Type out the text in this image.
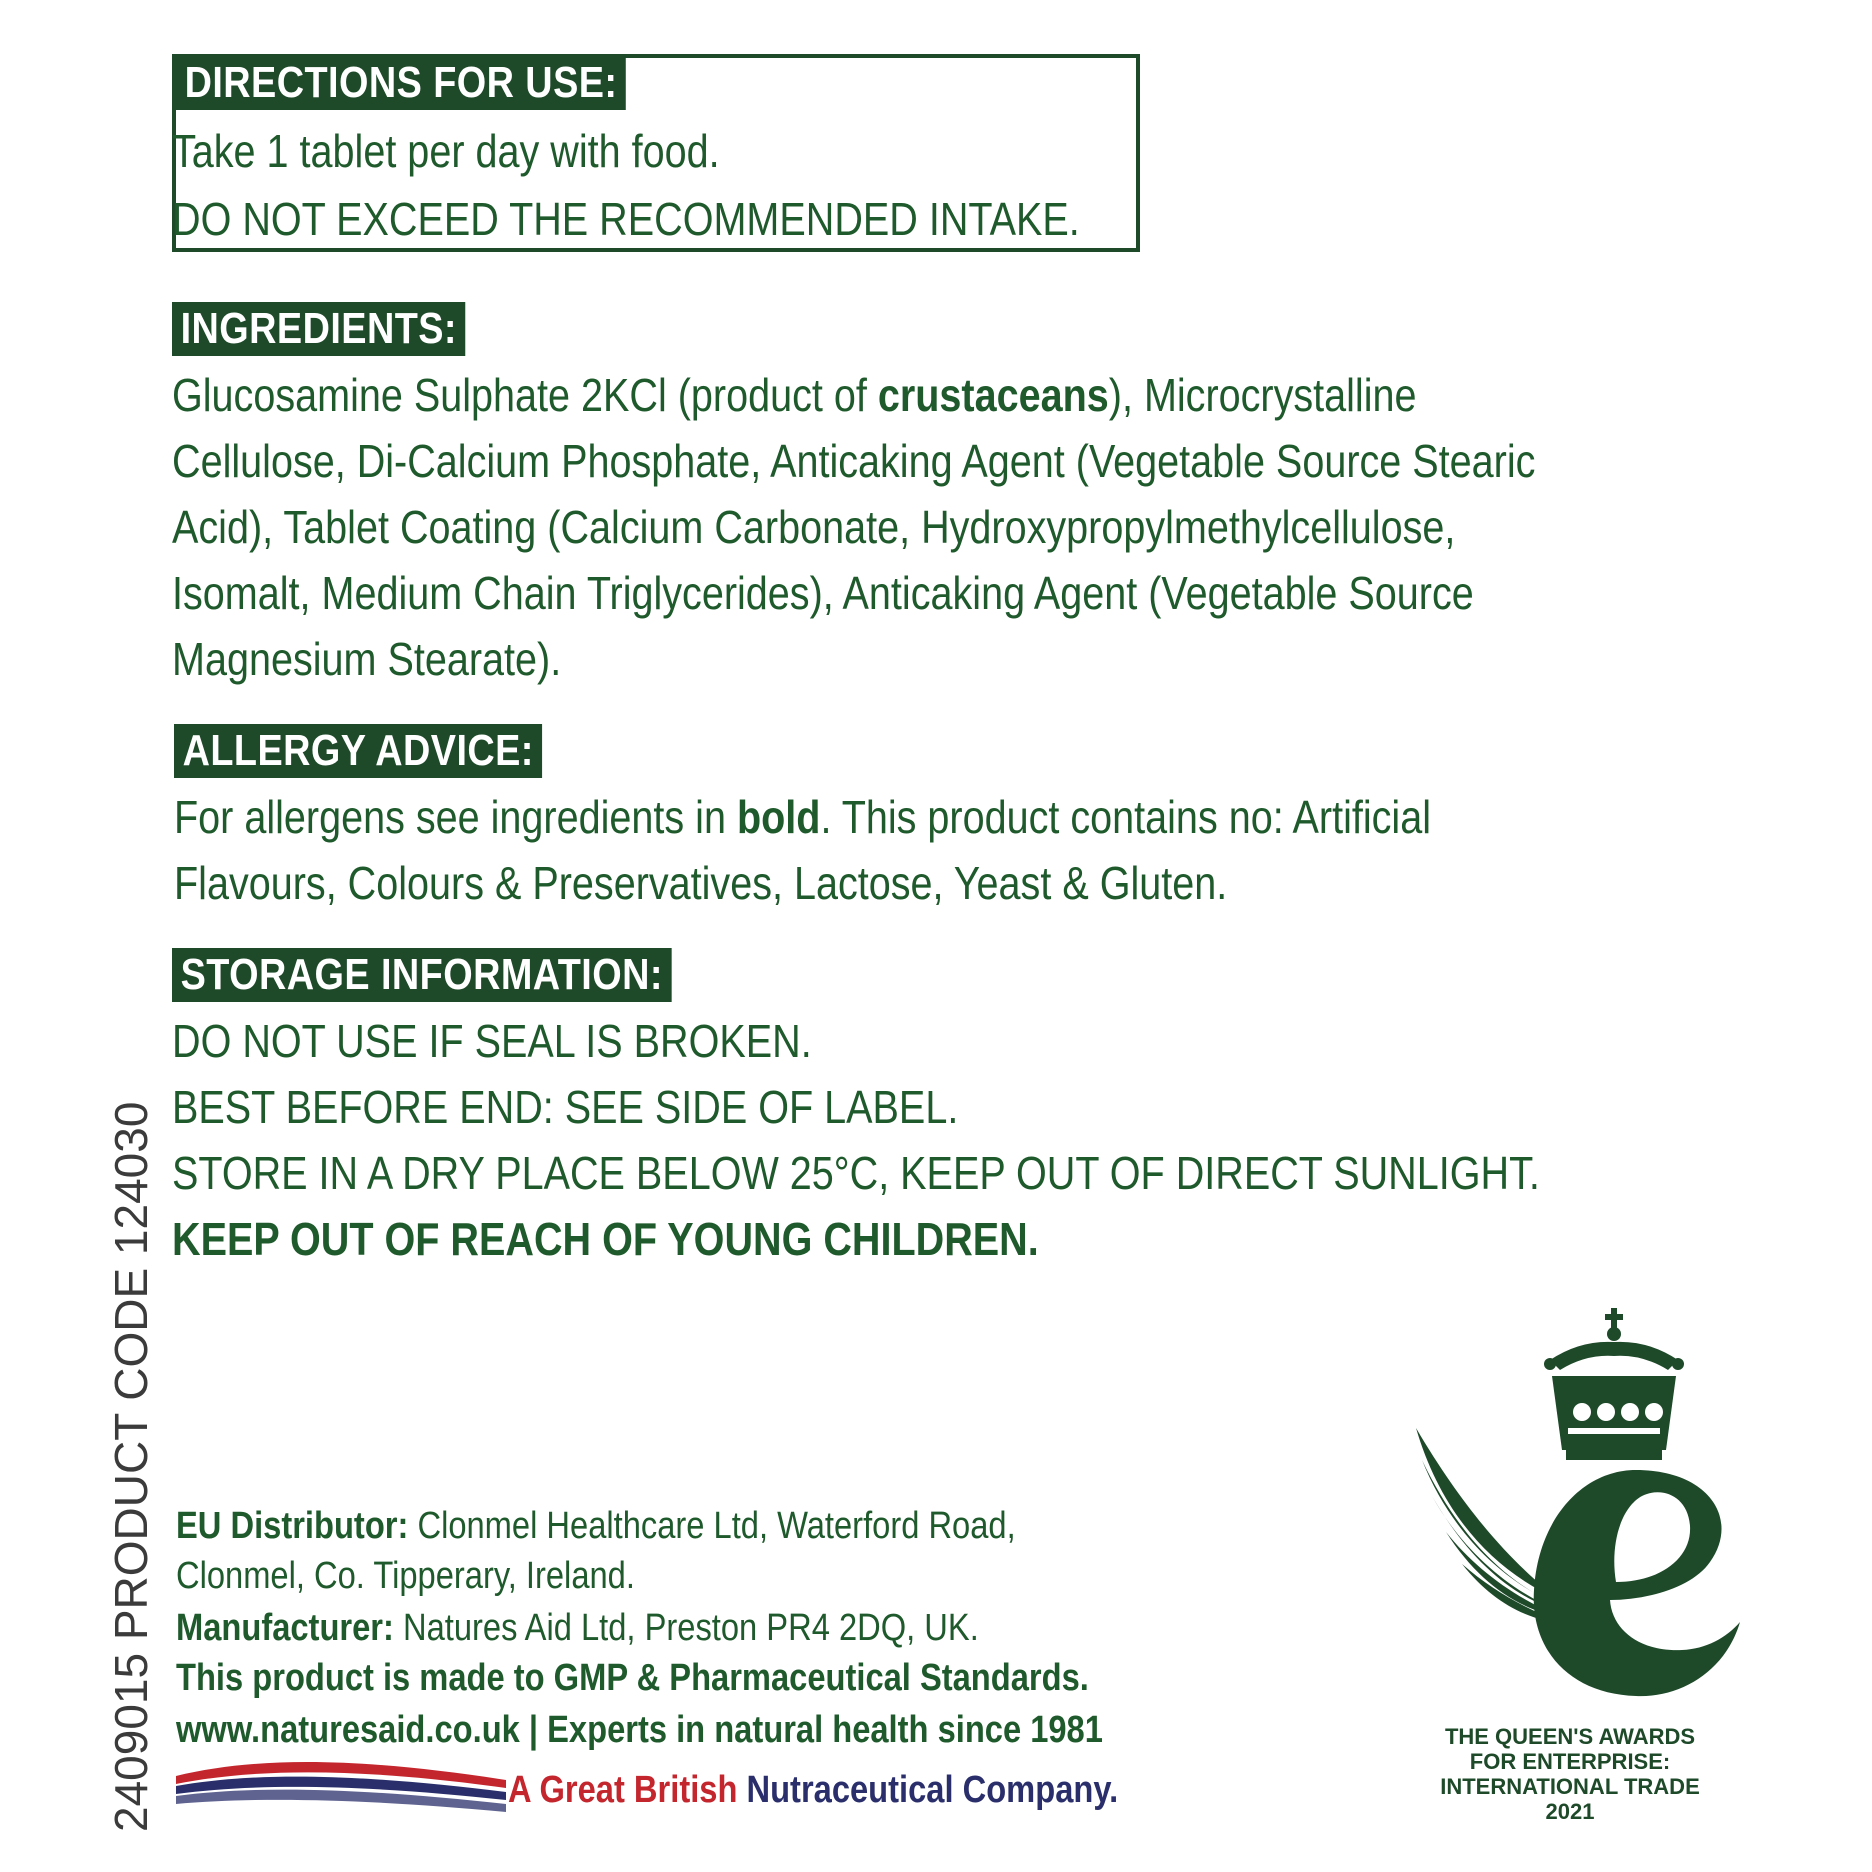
DIRECTIONS FOR USE:
Take 1 tablet per day with food.
DO NOT EXCEED THE RECOMMENDED INTAKE.
INGREDIENTS:
Glucosamine Sulphate 2KCl (product of crustaceans), Microcrystalline
Cellulose, Di-Calcium Phosphate, Anticaking Agent (Vegetable Source Stearic
Acid), Tablet Coating (Calcium Carbonate, Hydroxypropylmethylcellulose,
Isomalt, Medium Chain Triglycerides), Anticaking Agent (Vegetable Source
Magnesium Stearate).
ALLERGY ADVICE:
For allergens see ingredients in bold. This product contains no: Artificial
Flavours, Colours & Preservatives, Lactose, Yeast & Gluten.
STORAGE INFORMATION:
DO NOT USE IF SEAL IS BROKEN.
BEST BEFORE END: SEE SIDE OF LABEL.
STORE IN A DRY PLACE BELOW 25°C, KEEP OUT OF DIRECT SUNLIGHT.
KEEP OUT OF REACH OF YOUNG CHILDREN.
2409015 PRODUCT CODE 124030 EU Distributor: Clonmel Healthcare Ltd, Waterford Road,
Clonmel, Co. Tipperary, Ireland.
Manufacturer: Natures Aid Ltd, Preston PR4 2DQ, UK.
This product is made to GMP & Pharmaceutical Standards.
www.naturesaid.co.uk | Experts in natural health since 1981
A Great British Nutraceutical Company.
THE QUEEN'S AWARDS
FOR ENTERPRISE:
INTERNATIONAL TRADE
2021
